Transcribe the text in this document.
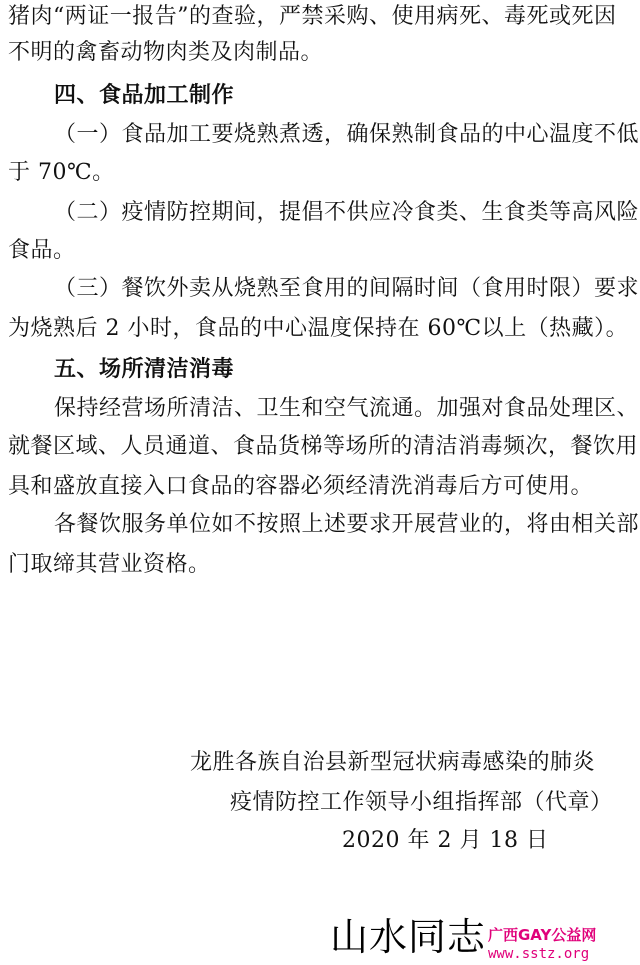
猪肉“两证一报告”的查验，严禁采购、使用病死、毒死或死因
不明的禽畜动物肉类及肉制品。
四、食品加工制作
（一）食品加工要烧熟煮透，确保熟制食品的中心温度不低
于 70℃。
（二）疫情防控期间，提倡不供应冷食类、生食类等高风险
食品。
（三）餐饮外卖从烧熟至食用的间隔时间（食用时限）要求
为烧熟后 2 小时，食品的中心温度保持在 60℃以上（热藏）。
五、场所清洁消毒
保持经营场所清洁、卫生和空气流通。加强对食品处理区、
就餐区域、人员通道、食品货梯等场所的清洁消毒频次，餐饮用
具和盛放直接入口食品的容器必须经清洗消毒后方可使用。
各餐饮服务单位如不按照上述要求开展营业的，将由相关部
门取缔其营业资格。
龙胜各族自治县新型冠状病毒感染的肺炎
疫情防控工作领导小组指挥部（代章）
2020 年 2 月 18 日
山水同志 广西GAY公益网
www.sstz.org
